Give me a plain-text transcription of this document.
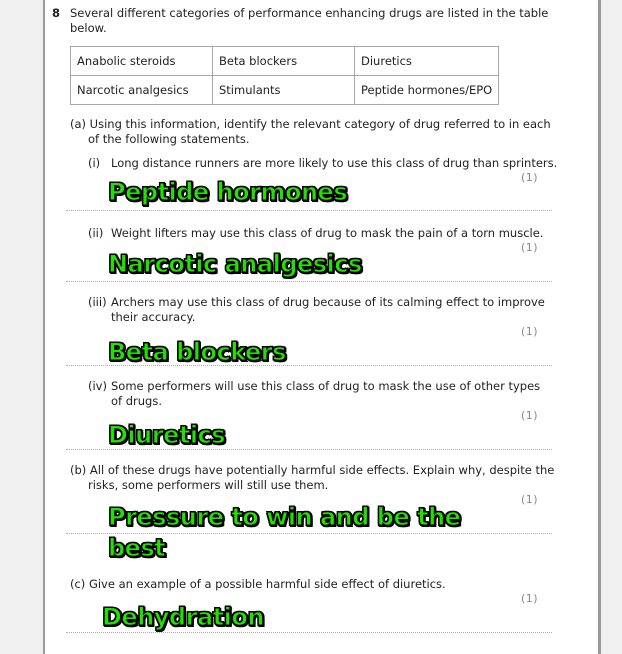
8 Several different categories of performance enhancing drugs are listed in the table
below.
Anabolic steroids	Beta blockers	Diuretics
Narcotic analgesics	Stimulants	Peptide hormones/EPO
(a) Using this information, identify the relevant category of drug referred to in each
of the following statements.
(i) Long distance runners are more likely to use this class of drug than sprinters.
(1)
Peptide hormones
(ii) Weight lifters may use this class of drug to mask the pain of a torn muscle.
(1)
Narcotic analgesics
(iii) Archers may use this class of drug because of its calming effect to improve
their accuracy.
(1)
Beta blockers
(iv) Some performers will use this class of drug to mask the use of other types
of drugs.
(1)
Diuretics
(b) All of these drugs have potentially harmful side effects. Explain why, despite the
risks, some performers will still use them.
(1)
Pressure to win and be the
best
(c) Give an example of a possible harmful side effect of diuretics.
(1)
Dehydration
